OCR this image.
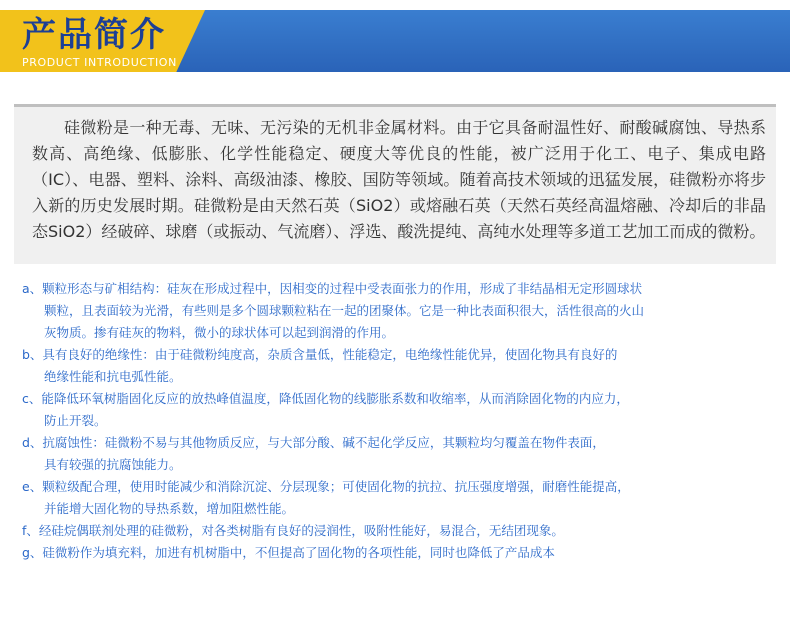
产品简介

PRODUCT INTRODUCTION

硅微粉是一种无毒、无味、无污染的无机非金属材料。由于它具备耐温性好、耐酸碱腐蚀、导热系数高、高绝缘、低膨胀、化学性能稳定、硬度大等优良的性能，被广泛用于化工、电子、集成电路（IC）、电器、塑料、涂料、高级油漆、橡胶、国防等领域。随着高技术领域的迅猛发展，硅微粉亦将步入新的历史发展时期。硅微粉是由天然石英（SiO2）或熔融石英（天然石英经高温熔融、冷却后的非晶态SiO2）经破碎、球磨（或振动、气流磨）、浮选、酸洗提纯、高纯水处理等多道工艺加工而成的微粉。

a、颗粒形态与矿相结构：硅灰在形成过程中，因相变的过程中受表面张力的作用，形成了非结晶相无定形圆球状
颗粒，且表面较为光滑，有些则是多个圆球颗粒粘在一起的团聚体。它是一种比表面积很大，活性很高的火山
灰物质。掺有硅灰的物料，微小的球状体可以起到润滑的作用。
b、具有良好的绝缘性：由于硅微粉纯度高，杂质含量低，性能稳定，电绝缘性能优异，使固化物具有良好的
绝缘性能和抗电弧性能。
c、能降低环氧树脂固化反应的放热峰值温度，降低固化物的线膨胀系数和收缩率，从而消除固化物的内应力，
防止开裂。
d、抗腐蚀性：硅微粉不易与其他物质反应，与大部分酸、碱不起化学反应，其颗粒均匀覆盖在物件表面，
具有较强的抗腐蚀能力。
e、颗粒级配合理，使用时能减少和消除沉淀、分层现象；可使固化物的抗拉、抗压强度增强，耐磨性能提高，
并能增大固化物的导热系数，增加阻燃性能。
f、经硅烷偶联剂处理的硅微粉，对各类树脂有良好的浸润性，吸附性能好，易混合，无结团现象。
g、硅微粉作为填充料，加进有机树脂中，不但提高了固化物的各项性能，同时也降低了产品成本
